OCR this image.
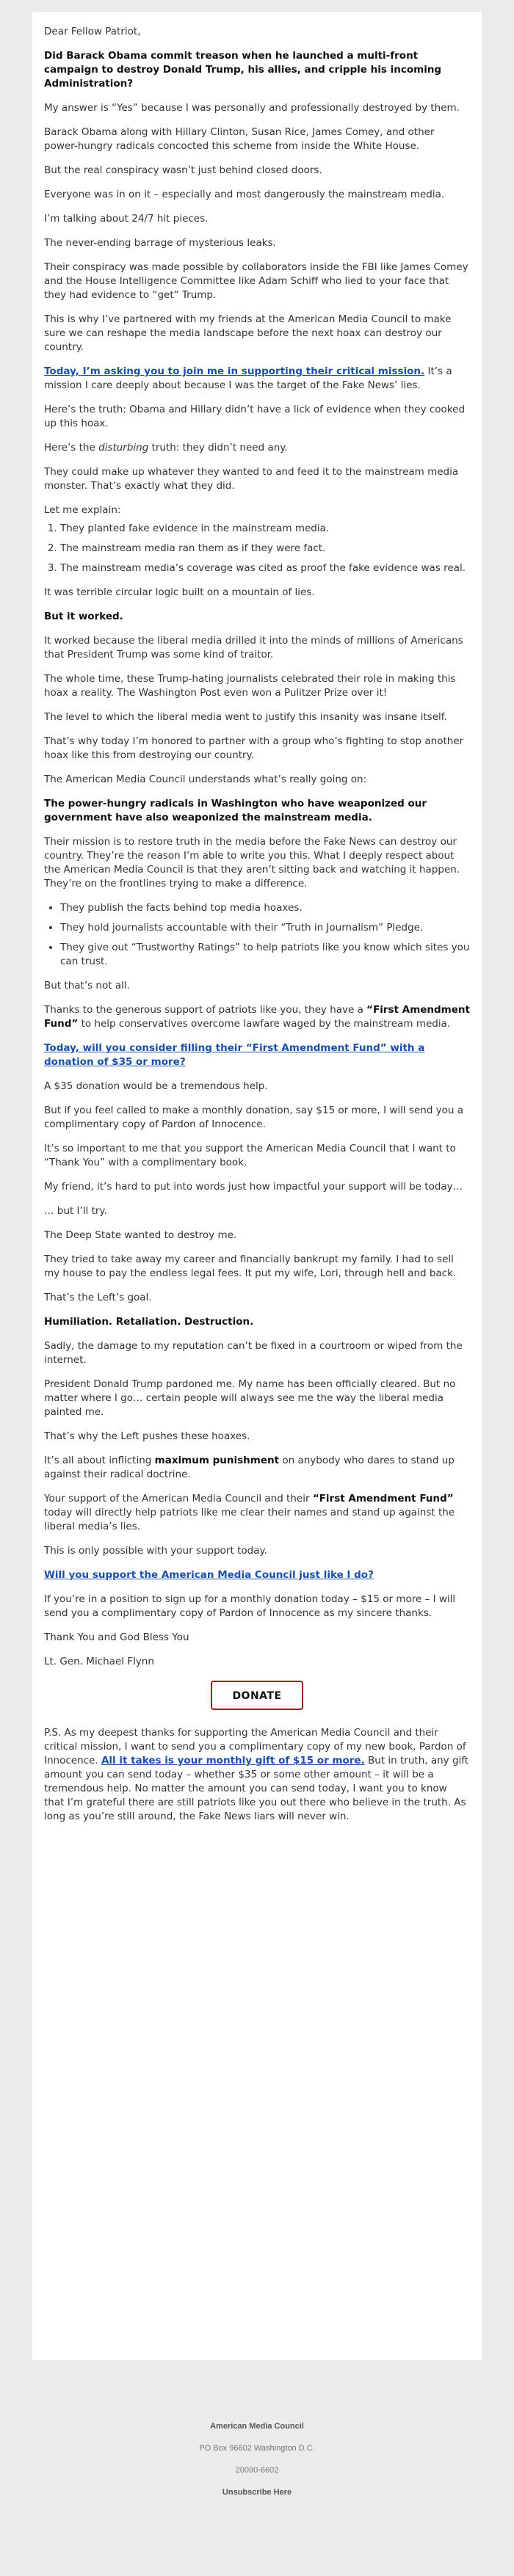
Dear Fellow Patriot,

Did Barack Obama commit treason when he launched a multi-front campaign to destroy Donald Trump, his allies, and cripple his incoming Administration?

My answer is “Yes” because I was personally and professionally destroyed by them.

Barack Obama along with Hillary Clinton, Susan Rice, James Comey, and other power-hungry radicals concocted this scheme from inside the White House.

But the real conspiracy wasn’t just behind closed doors.

Everyone was in on it – especially and most dangerously the mainstream media.

I’m talking about 24/7 hit pieces.

The never-ending barrage of mysterious leaks.

Their conspiracy was made possible by collaborators inside the FBI like James Comey and the House Intelligence Committee like Adam Schiff who lied to your face that they had evidence to “get” Trump.

This is why I’ve partnered with my friends at the American Media Council to make sure we can reshape the media landscape before the next hoax can destroy our country.

Today, I’m asking you to join me in supporting their critical mission. It’s a mission I care deeply about because I was the target of the Fake News’ lies.

Here’s the truth: Obama and Hillary didn’t have a lick of evidence when they cooked up this hoax.

Here’s the disturbing truth: they didn’t need any.

They could make up whatever they wanted to and feed it to the mainstream media monster. That’s exactly what they did.

Let me explain:

1. They planted fake evidence in the mainstream media.
2. The mainstream media ran them as if they were fact.
3. The mainstream media’s coverage was cited as proof the fake evidence was real.

It was terrible circular logic built on a mountain of lies.

But it worked.

It worked because the liberal media drilled it into the minds of millions of Americans that President Trump was some kind of traitor.

The whole time, these Trump-hating journalists celebrated their role in making this hoax a reality. The Washington Post even won a Pulitzer Prize over it!

The level to which the liberal media went to justify this insanity was insane itself.

That’s why today I’m honored to partner with a group who’s fighting to stop another hoax like this from destroying our country.

The American Media Council understands what’s really going on:

The power-hungry radicals in Washington who have weaponized our government have also weaponized the mainstream media.

Their mission is to restore truth in the media before the Fake News can destroy our country. They’re the reason I’m able to write you this. What I deeply respect about the American Media Council is that they aren’t sitting back and watching it happen. They’re on the frontlines trying to make a difference.

• They publish the facts behind top media hoaxes.
• They hold journalists accountable with their “Truth in Journalism” Pledge.
• They give out “Trustworthy Ratings” to help patriots like you know which sites you can trust.

But that’s not all.

Thanks to the generous support of patriots like you, they have a “First Amendment Fund” to help conservatives overcome lawfare waged by the mainstream media.

Today, will you consider filling their “First Amendment Fund” with a donation of $35 or more?

A $35 donation would be a tremendous help.

But if you feel called to make a monthly donation, say $15 or more, I will send you a complimentary copy of Pardon of Innocence.

It’s so important to me that you support the American Media Council that I want to “Thank You” with a complimentary book.

My friend, it’s hard to put into words just how impactful your support will be today…

… but I’ll try.

The Deep State wanted to destroy me.

They tried to take away my career and financially bankrupt my family. I had to sell my house to pay the endless legal fees. It put my wife, Lori, through hell and back.

That’s the Left’s goal.

Humiliation. Retaliation. Destruction.

Sadly, the damage to my reputation can’t be fixed in a courtroom or wiped from the internet.

President Donald Trump pardoned me. My name has been officially cleared. But no matter where I go… certain people will always see me the way the liberal media painted me.

That’s why the Left pushes these hoaxes.

It’s all about inflicting maximum punishment on anybody who dares to stand up against their radical doctrine.

Your support of the American Media Council and their “First Amendment Fund” today will directly help patriots like me clear their names and stand up against the liberal media’s lies.

This is only possible with your support today.

Will you support the American Media Council just like I do?

If you’re in a position to sign up for a monthly donation today – $15 or more – I will send you a complimentary copy of Pardon of Innocence as my sincere thanks.

Thank You and God Bless You

Lt. Gen. Michael Flynn

DONATE

P.S. As my deepest thanks for supporting the American Media Council and their critical mission, I want to send you a complimentary copy of my new book, Pardon of Innocence. All it takes is your monthly gift of $15 or more. But in truth, any gift amount you can send today – whether $35 or some other amount – it will be a tremendous help. No matter the amount you can send today, I want you to know that I’m grateful there are still patriots like you out there who believe in the truth. As long as you’re still around, the Fake News liars will never win.

American Media Council
PO Box 96602 Washington D.C.
20090-6602
Unsubscribe Here
